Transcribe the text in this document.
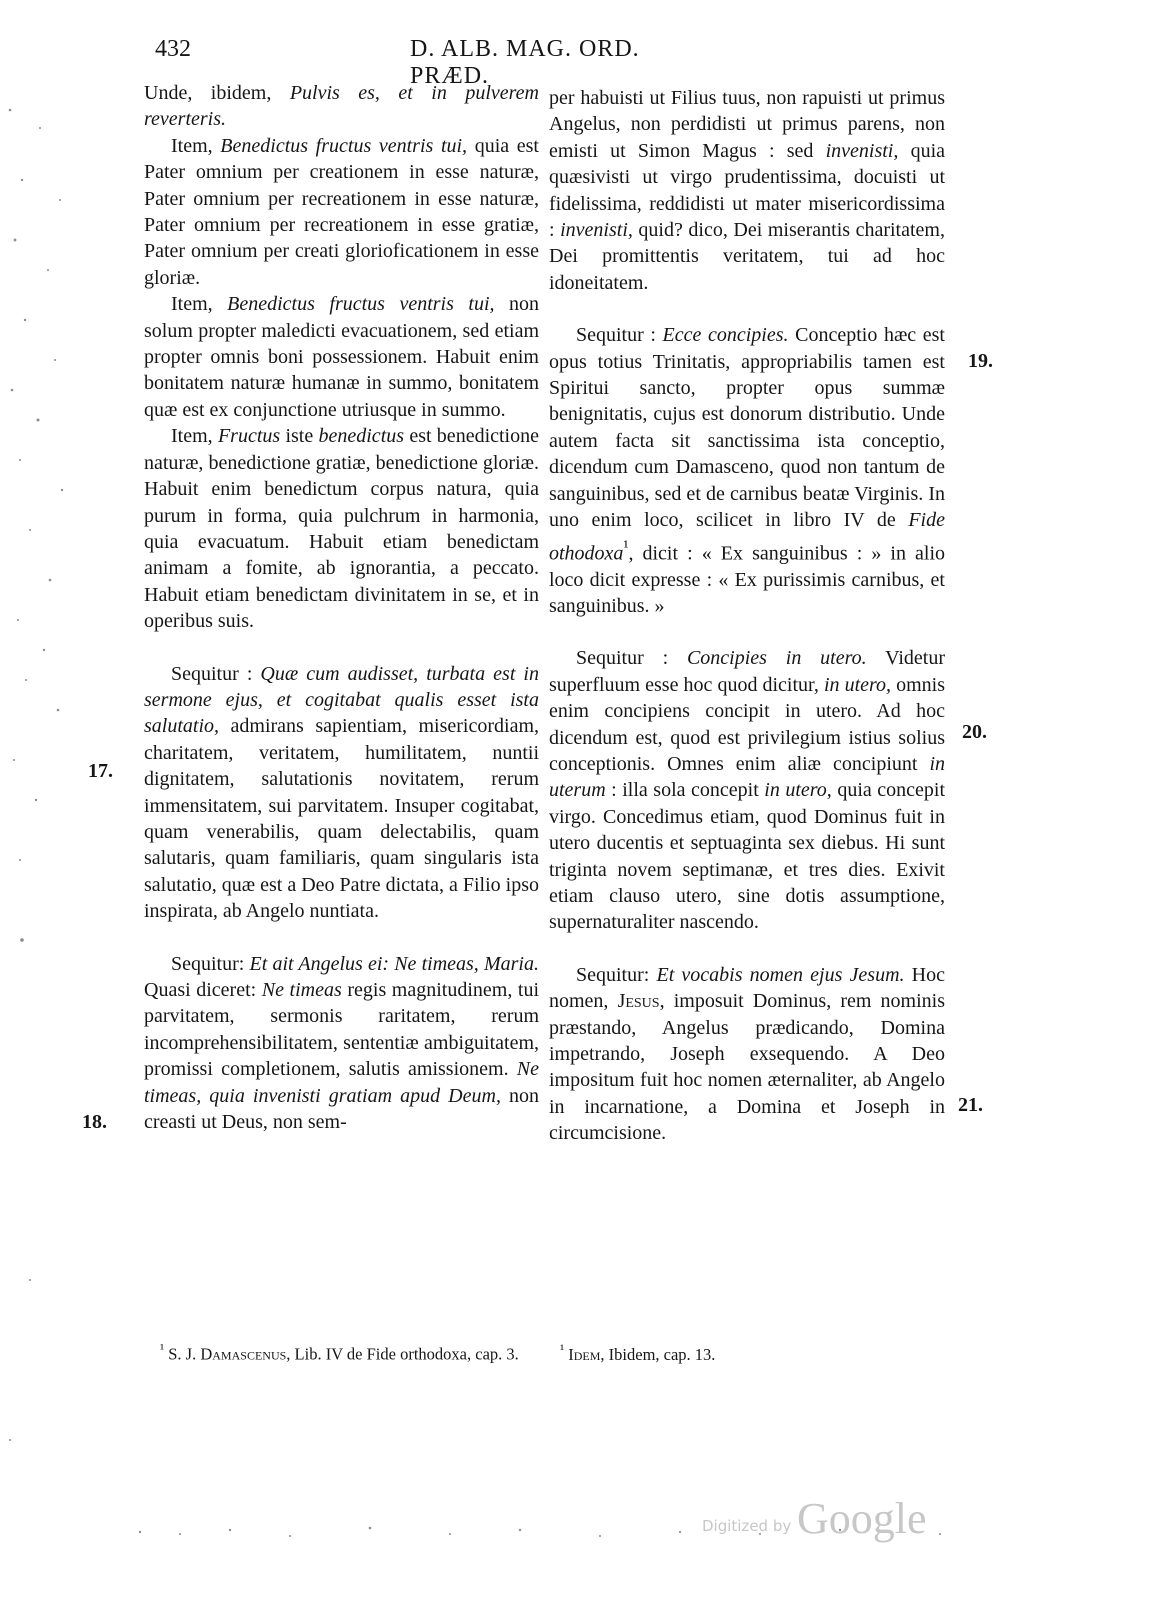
432	D. ALB. MAG. ORD. PRÆD.
17.
18.
19.
20.
21.

Unde, ibidem, Pulvis es, et in pulverem reverteris.

Item, Benedictus fructus ventris tui, quia est Pater omnium per creationem in esse naturæ, Pater omnium per recreationem in esse naturæ, Pater omnium per recreationem in esse gratiæ, Pater omnium per creati glorioficationem in esse gloriæ.

Item, Benedictus fructus ventris tui, non solum propter maledicti evacuationem, sed etiam propter omnis boni possessionem. Habuit enim bonitatem naturæ humanæ in summo, bonitatem quæ est ex conjunctione utriusque in summo.

Item, Fructus iste benedictus est benedictione naturæ, benedictione gratiæ, benedictione gloriæ. Habuit enim benedictum corpus natura, quia purum in forma, quia pulchrum in harmonia, quia evacuatum. Habuit etiam benedictam animam a fomite, ab ignorantia, a peccato. Habuit etiam benedictam divinitatem in se, et in operibus suis.

Sequitur : Quæ cum audisset, turbata est in sermone ejus, et cogitabat qualis esset ista salutatio, admirans sapientiam, misericordiam, charitatem, veritatem, humilitatem, nuntii dignitatem, salutationis novitatem, rerum immensitatem, sui parvitatem. Insuper cogitabat, quam venerabilis, quam delectabilis, quam salutaris, quam familiaris, quam singularis ista salutatio, quæ est a Deo Patre dictata, a Filio ipso inspirata, ab Angelo nuntiata.

Sequitur: Et ait Angelus ei: Ne timeas, Maria. Quasi diceret: Ne timeas regis magnitudinem, tui parvitatem, sermonis raritatem, rerum incomprehensibilitatem, sententiæ ambiguitatem, promissi completionem, salutis amissionem. Ne timeas, quia invenisti gratiam apud Deum, non creasti ut Deus, non sem-

per habuisti ut Filius tuus, non rapuisti ut primus Angelus, non perdidisti ut primus parens, non emisti ut Simon Magus : sed invenisti, quia quæsivisti ut virgo prudentissima, docuisti ut fidelissima, reddidisti ut mater misericordissima : invenisti, quid? dico, Dei miserantis charitatem, Dei promittentis veritatem, tui ad hoc idoneitatem.

Sequitur : Ecce concipies. Conceptio hæc est opus totius Trinitatis, appropriabilis tamen est Spiritui sancto, propter opus summæ benignitatis, cujus est donorum distributio. Unde autem facta sit sanctissima ista conceptio, dicendum cum Damasceno, quod non tantum de sanguinibus, sed et de carnibus beatæ Virginis. In uno enim loco, scilicet in libro IV de Fide othodoxa$^{^1}$, dicit : « Ex sanguinibus : » in alio loco dicit expresse : « Ex purissimis carnibus, et sanguinibus. »

Sequitur : Concipies in utero. Videtur superfluum esse hoc quod dicitur, in utero, omnis enim concipiens concipit in utero. Ad hoc dicendum est, quod est privilegium istius solius conceptionis. Omnes enim aliæ concipiunt in uterum : illa sola concepit in utero, quia concepit virgo. Concedimus etiam, quod Dominus fuit in utero ducentis et septuaginta sex diebus. Hi sunt triginta novem septimanæ, et tres dies. Exivit etiam clauso utero, sine dotis assumptione, supernaturaliter nascendo.

Sequitur: Et vocabis nomen ejus Jesum. Hoc nomen, Jesus, imposuit Dominus, rem nominis præstando, Angelus prædicando, Domina impetrando, Joseph exsequendo. A Deo impositum fuit hoc nomen æternaliter, ab Angelo in incarnatione, a Domina et Joseph in circumcisione.

$^{^1}$ S. J. Damascenus, Lib. IV de Fide orthodoxa, cap. 3.	$^{^1}$ Idem, Ibidem, cap. 13.
Digitized by Google
